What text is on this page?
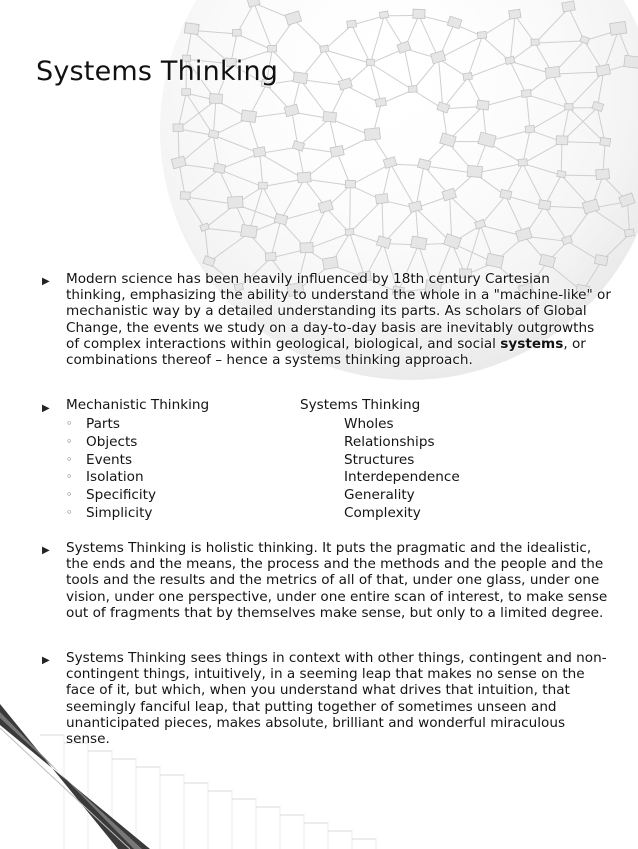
Systems Thinking
▶ Modern science has been heavily influenced by 18th century Cartesian thinking, emphasizing the ability to understand the whole in a "machine-like" or mechanistic way by a detailed understanding its parts. As scholars of Global Change, the events we study on a day-to-day basis are inevitably outgrowths of complex interactions within geological, biological, and social systems, or combinations thereof – hence a systems thinking approach.
▶ Mechanistic Thinking	Systems Thinking
◦ Parts	Wholes
◦ Objects	Relationships
◦ Events	Structures
◦ Isolation	Interdependence
◦ Specificity	Generality
◦ Simplicity	Complexity
▶ Systems Thinking is holistic thinking. It puts the pragmatic and the idealistic, the ends and the means, the process and the methods and the people and the tools and the results and the metrics of all of that, under one glass, under one vision, under one perspective, under one entire scan of interest, to make sense out of fragments that by themselves make sense, but only to a limited degree.
▶ Systems Thinking sees things in context with other things, contingent and non-contingent things, intuitively, in a seeming leap that makes no sense on the face of it, but which, when you understand what drives that intuition, that seemingly fanciful leap, that putting together of sometimes unseen and unanticipated pieces, makes absolute, brilliant and wonderful miraculous sense.
